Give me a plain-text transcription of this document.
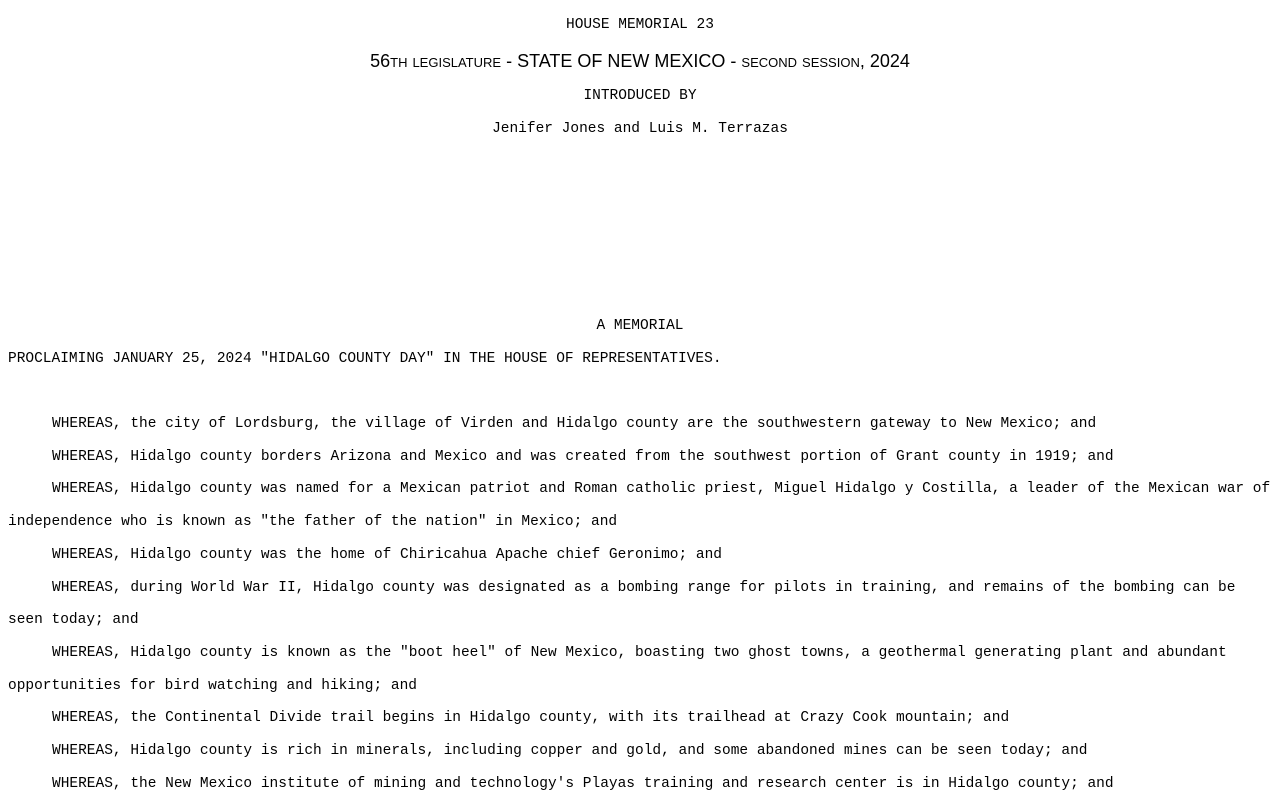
HOUSE MEMORIAL 23
56th legislature - STATE OF NEW MEXICO - second session, 2024
INTRODUCED BY
Jenifer Jones and Luis M. Terrazas
A MEMORIAL
PROCLAIMING JANUARY 25, 2024 "HIDALGO COUNTY DAY" IN THE HOUSE OF REPRESENTATIVES.

WHEREAS, the city of Lordsburg, the village of Virden and Hidalgo county are the southwestern gateway to New Mexico; and

WHEREAS, Hidalgo county borders Arizona and Mexico and was created from the southwest portion of Grant county in 1919; and

WHEREAS, Hidalgo county was named for a Mexican patriot and Roman catholic priest, Miguel Hidalgo y Costilla, a leader of the Mexican war of independence who is known as "the father of the nation" in Mexico; and

WHEREAS, Hidalgo county was the home of Chiricahua Apache chief Geronimo; and

WHEREAS, during World War II, Hidalgo county was designated as a bombing range for pilots in training, and remains of the bombing can be seen today; and

WHEREAS, Hidalgo county is known as the "boot heel" of New Mexico, boasting two ghost towns, a geothermal generating plant and abundant opportunities for bird watching and hiking; and

WHEREAS, the Continental Divide trail begins in Hidalgo county, with its trailhead at Crazy Cook mountain; and

WHEREAS, Hidalgo county is rich in minerals, including copper and gold, and some abandoned mines can be seen today; and

WHEREAS, the New Mexico institute of mining and technology's Playas training and research center is in Hidalgo county; and
